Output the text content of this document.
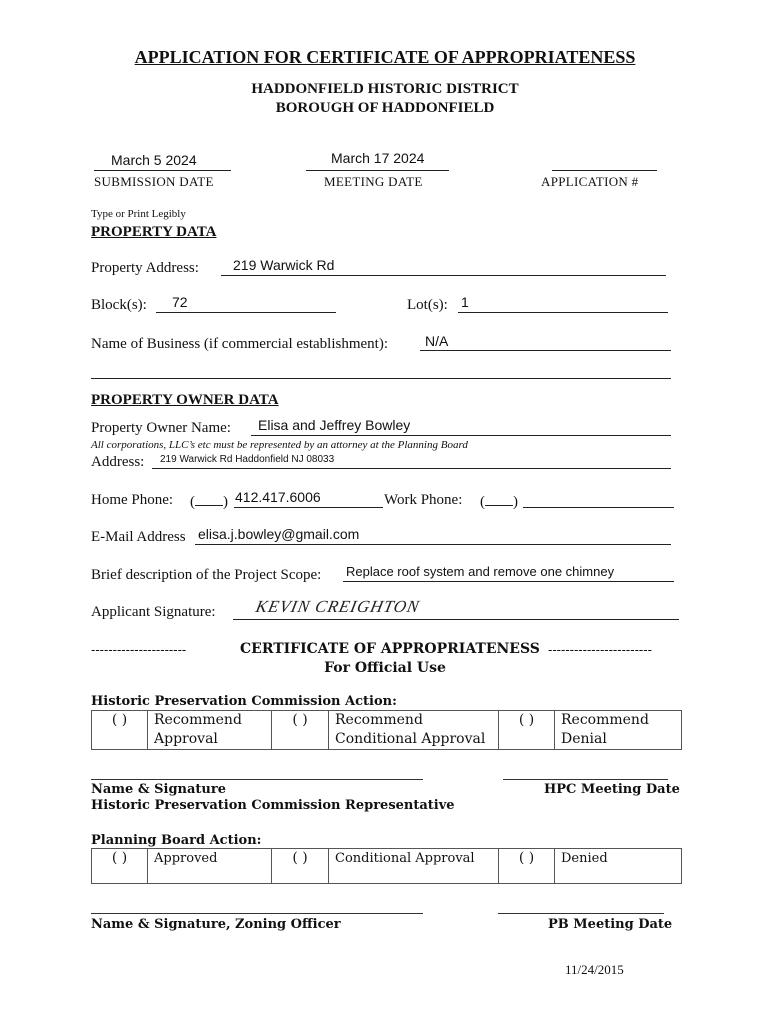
APPLICATION FOR CERTIFICATE OF APPROPRIATENESS
HADDONFIELD HISTORIC DISTRICT
BOROUGH OF HADDONFIELD
March 5 2024
SUBMISSION DATE
March 17 2024
MEETING DATE	APPLICATION #
Type or Print Legibly
PROPERTY DATA
Property Address: 219 Warwick Rd
Block(s): 72	Lot(s): 1
Name of Business (if commercial establishment):	N/A
PROPERTY OWNER DATA
Property Owner Name: Elisa and Jeffrey Bowley
All corporations, LLC’s etc must be represented by an attorney at the Planning Board
Address: 219 Warwick Rd Haddonfield NJ 08033
Home Phone: ( ) 412.417.6006	Work Phone: ( )
E-Mail Address elisa.j.bowley@gmail.com
Brief description of the Project Scope: Replace roof system and remove one chimney
Applicant Signature: KEVIN CREIGHTON
----------------------	CERTIFICATE OF APPROPRIATENESS ------------------------
For Official Use
Historic Preservation Commission Action:
( )	Recommend Approval	( )	Recommend Conditional Approval	( )	Recommend Denial
Name & Signature	HPC Meeting Date
Historic Preservation Commission Representative
Planning Board Action:
( )	Approved	( )	Conditional Approval	( )	Denied
Name & Signature, Zoning Officer	PB Meeting Date
11/24/2015
